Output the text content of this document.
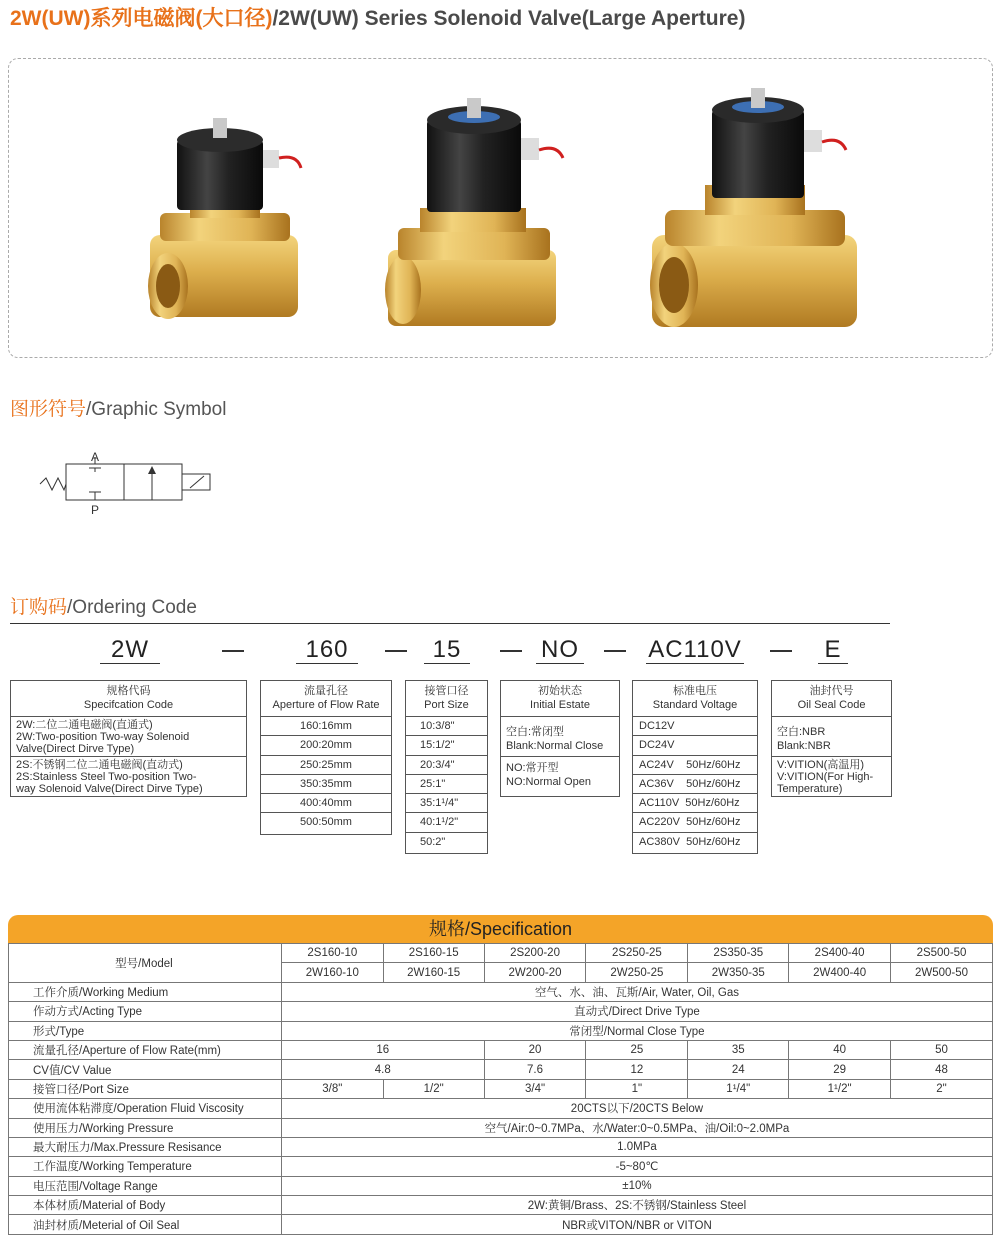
2W(UW)系列电磁阀(大口径)/2W(UW) Series Solenoid Valve(Large Aperture)
图形符号/Graphic Symbol
A
P
订购码/Ordering Code
2W	160	15	NO	AC110V	E
规格代码
Specifcation Code
2W:二位二通电磁阀(直通式)
2W:Two-position Two-way Solenoid
Valve(Direct Dirve Type)
2S:不锈钢二位二通电磁阀(直动式)
2S:Stainless Steel Two-position Two-
way Solenoid Valve(Direct Dirve Type)
流量孔径
Aperture of Flow Rate
160:16mm
200:20mm
250:25mm
350:35mm
400:40mm
500:50mm
接管口径
Port Size
10:3/8"
15:1/2"
20:3/4"
25:1"
35:1¹/4"
40:1¹/2"
50:2"
初始状态
Initial Estate
空白:常闭型
Blank:Normal Close
NO:常开型
NO:Normal Open
标准电压
Standard Voltage
DC12V
DC24V
AC24V    50Hz/60Hz
AC36V    50Hz/60Hz
AC110V  50Hz/60Hz
AC220V  50Hz/60Hz
AC380V  50Hz/60Hz
油封代号
Oil Seal Code
空白:NBR
Blank:NBR
V:VITION(高温用)
V:VITION(For High-
Temperature)
规格/Specification
型号/Model	2S160-10	2S160-15	2S200-20	2S250-25	2S350-35	2S400-40	2S500-50
	2W160-10	2W160-15	2W200-20	2W250-25	2W350-35	2W400-40	2W500-50
工作介质/Working Medium	空气、水、油、瓦斯/Air, Water, Oil, Gas						
作动方式/Acting Type	直动式/Direct Drive Type						
形式/Type	常闭型/Normal Close Type						
流量孔径/Aperture of Flow Rate(mm)	16		20	25	35	40	50
CV值/CV Value	4.8		7.6	12	24	29	48
接管口径/Port Size	3/8"	1/2"	3/4"	1"	1¹/4"	1¹/2"	2"
使用流体粘滞度/Operation Fluid Viscosity	20CTS以下/20CTS Below						
使用压力/Working Pressure	空气/Air:0~0.7MPa、水/Water:0~0.5MPa、油/Oil:0~2.0MPa						
最大耐压力/Max.Pressure Resisance	1.0MPa						
工作温度/Working Temperature	-5~80℃						
电压范围/Voltage Range	±10%						
本体材质/Material of Body	2W:黄铜/Brass、2S:不锈钢/Stainless Steel						
油封材质/Meterial of Oil Seal	NBR或VITON/NBR or VITON						
